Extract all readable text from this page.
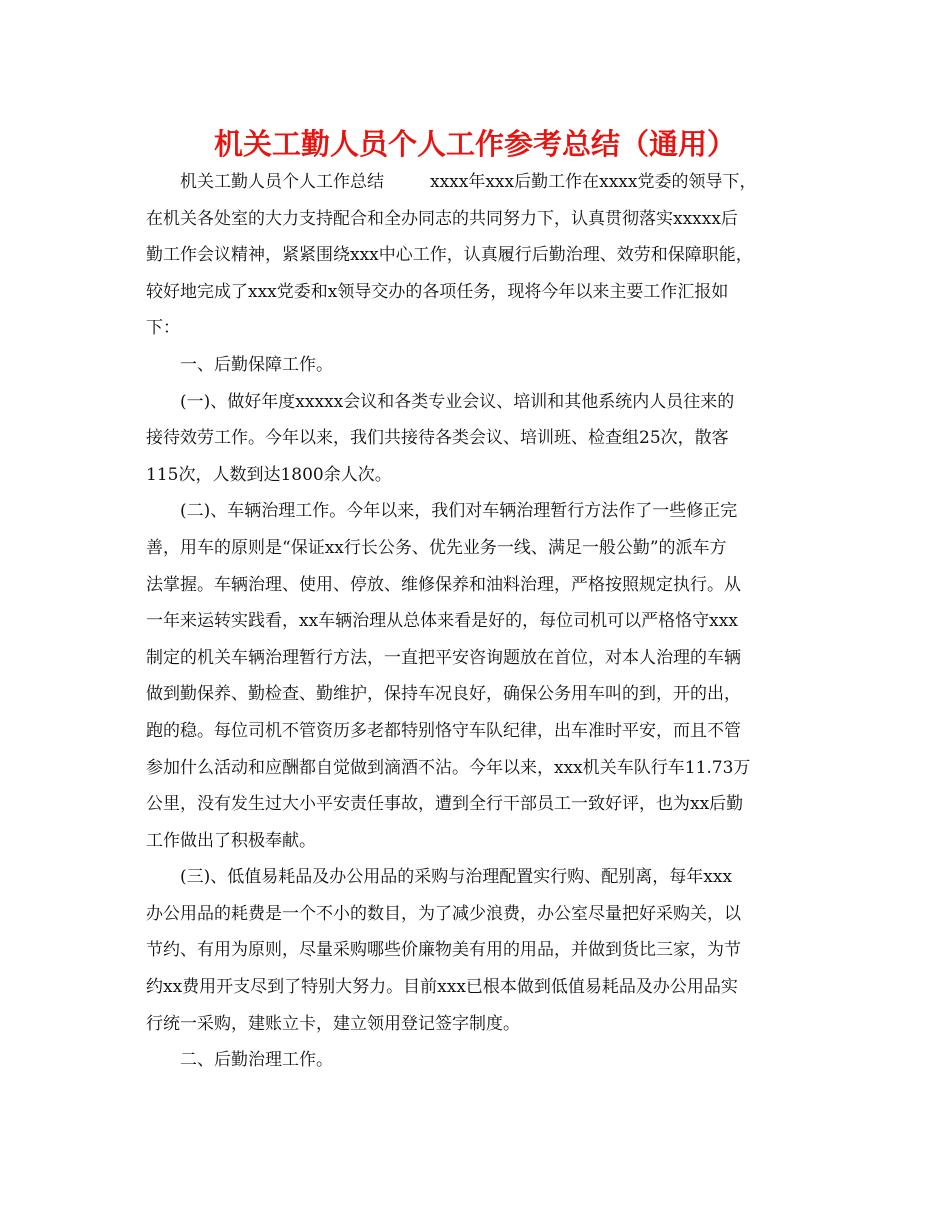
机关工勤人员个人工作参考总结（通用）
机关工勤人员个人工作总结	xxxx年xxx后勤工作在xxxx党委的领导下，
在机关各处室的大力支持配合和全办同志的共同努力下，认真贯彻落实xxxxx后
勤工作会议精神，紧紧围绕xxx中心工作，认真履行后勤治理、效劳和保障职能，
较好地完成了xxx党委和x领导交办的各项任务，现将今年以来主要工作汇报如
下：
一、后勤保障工作。
(一)、做好年度xxxxx会议和各类专业会议、培训和其他系统内人员往来的
接待效劳工作。今年以来，我们共接待各类会议、培训班、检查组25次，散客
115次，人数到达1800余人次。
(二)、车辆治理工作。今年以来，我们对车辆治理暂行方法作了一些修正完
善，用车的原则是“保证xx行长公务、优先业务一线、满足一般公勤”的派车方
法掌握。车辆治理、使用、停放、维修保养和油料治理，严格按照规定执行。从
一年来运转实践看，xx车辆治理从总体来看是好的，每位司机可以严格恪守xxx
制定的机关车辆治理暂行方法，一直把平安咨询题放在首位，对本人治理的车辆
做到勤保养、勤检查、勤维护，保持车况良好，确保公务用车叫的到，开的出，
跑的稳。每位司机不管资历多老都特别恪守车队纪律，出车准时平安，而且不管
参加什么活动和应酬都自觉做到滴酒不沾。今年以来，xxx机关车队行车11.73万
公里，没有发生过大小平安责任事故，遭到全行干部员工一致好评，也为xx后勤
工作做出了积极奉献。
(三)、低值易耗品及办公用品的采购与治理配置实行购、配别离，每年xxx
办公用品的耗费是一个不小的数目，为了减少浪费，办公室尽量把好采购关，以
节约、有用为原则，尽量采购哪些价廉物美有用的用品，并做到货比三家，为节
约xx费用开支尽到了特别大努力。目前xxx已根本做到低值易耗品及办公用品实
行统一采购，建账立卡，建立领用登记签字制度。
二、后勤治理工作。
